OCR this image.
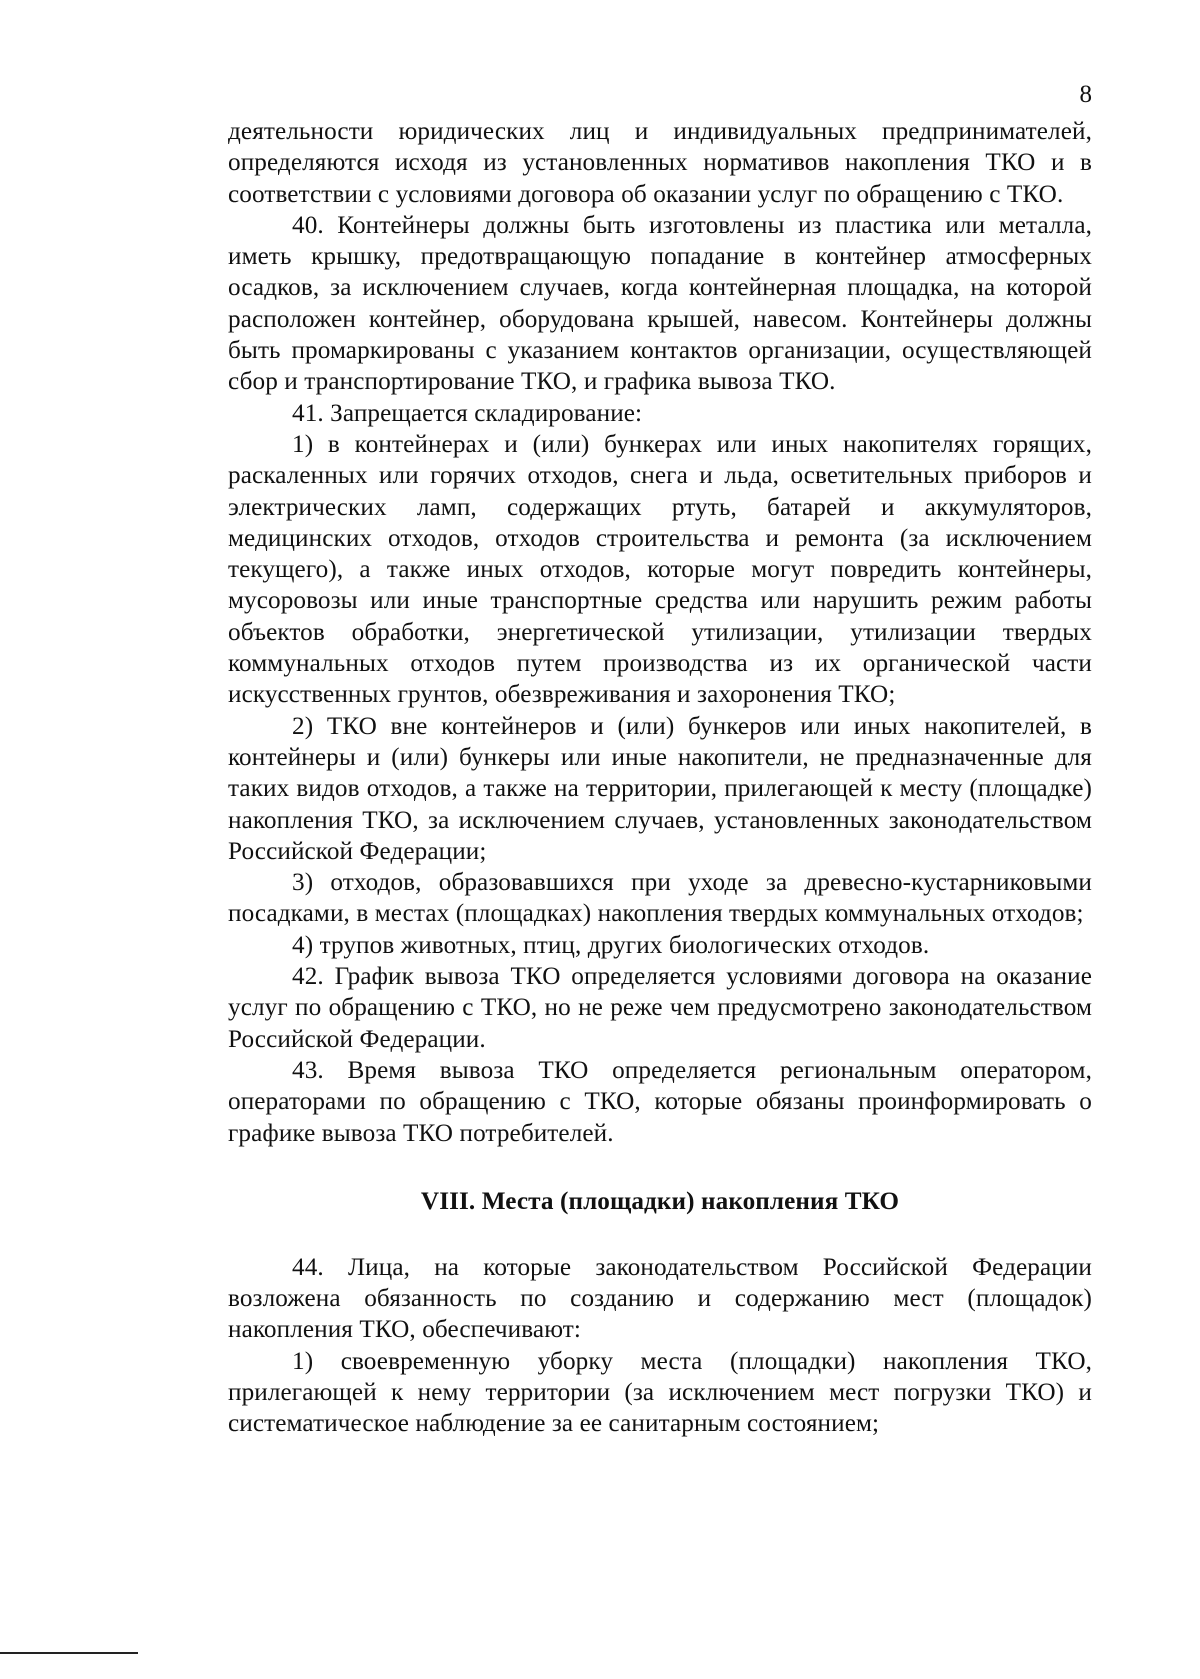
8

деятельности юридических лиц и индивидуальных предпринимателей, определяются исходя из установленных нормативов накопления ТКО и в соответствии с условиями договора об оказании услуг по обращению с ТКО.

40. Контейнеры должны быть изготовлены из пластика или металла, иметь крышку, предотвращающую попадание в контейнер атмосферных осадков, за исключением случаев, когда контейнерная площадка, на которой расположен контейнер, оборудована крышей, навесом. Контейнеры должны быть промаркированы с указанием контактов организации, осуществляющей сбор и транспортирование ТКО, и графика вывоза ТКО.

41. Запрещается складирование:

1) в контейнерах и (или) бункерах или иных накопителях горящих, раскаленных или горячих отходов, снега и льда, осветительных приборов и электрических ламп, содержащих ртуть, батарей и аккумуляторов, медицинских отходов, отходов строительства и ремонта (за исключением текущего), а также иных отходов, которые могут повредить контейнеры, мусоровозы или иные транспортные средства или нарушить режим работы объектов обработки, энергетической утилизации, утилизации твердых коммунальных отходов путем производства из их органической части искусственных грунтов, обезвреживания и захоронения ТКО;

2) ТКО вне контейнеров и (или) бункеров или иных накопителей, в контейнеры и (или) бункеры или иные накопители, не предназначенные для таких видов отходов, а также на территории, прилегающей к месту (площадке) накопления ТКО, за исключением случаев, установленных законодательством Российской Федерации;

3) отходов, образовавшихся при уходе за древесно-кустарниковыми посадками, в местах (площадках) накопления твердых коммунальных отходов;

4) трупов животных, птиц, других биологических отходов.

42. График вывоза ТКО определяется условиями договора на оказание услуг по обращению с ТКО, но не реже чем предусмотрено законодательством Российской Федерации.

43. Время вывоза ТКО определяется региональным оператором, операторами по обращению с ТКО, которые обязаны проинформировать о графике вывоза ТКО потребителей.

VIII. Места (площадки) накопления ТКО

44. Лица, на которые законодательством Российской Федерации возложена обязанность по созданию и содержанию мест (площадок) накопления ТКО, обеспечивают:

1) своевременную уборку места (площадки) накопления ТКО, прилегающей к нему территории (за исключением мест погрузки ТКО) и систематическое наблюдение за ее санитарным состоянием;
